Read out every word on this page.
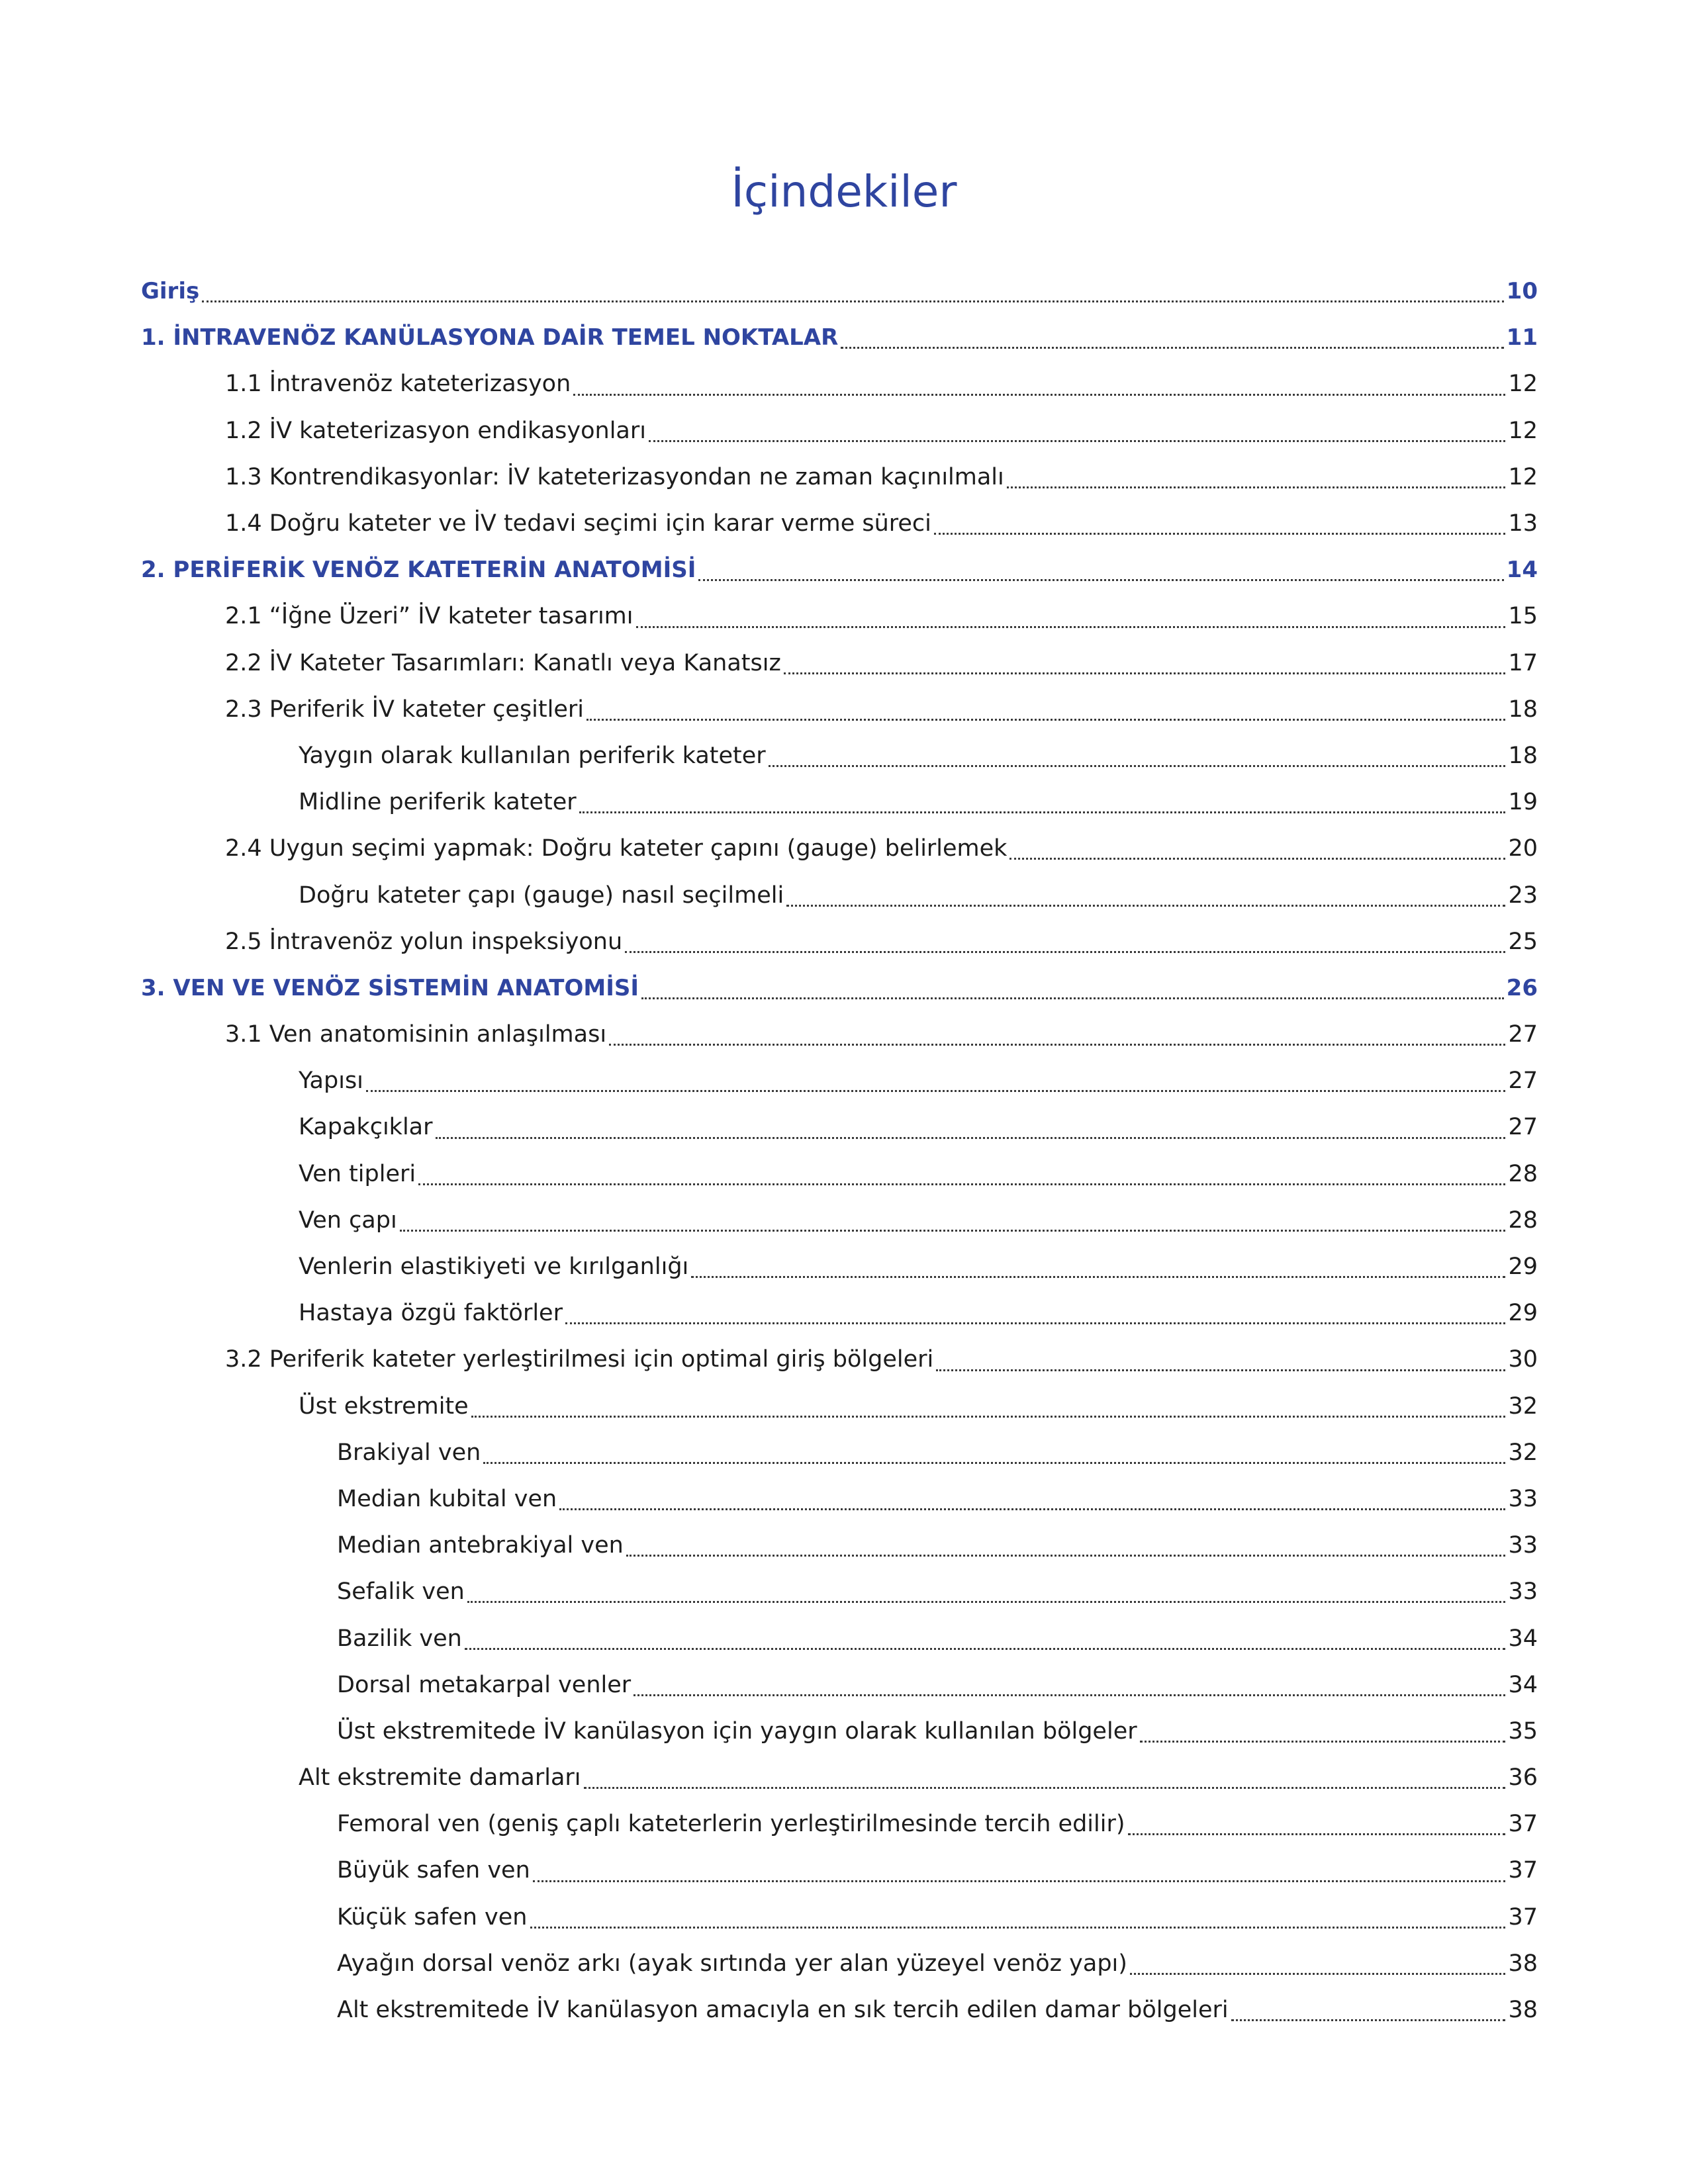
İçindekiler
Giriş	10
1. İNTRAVENÖZ KANÜLASYONA DAİR TEMEL NOKTALAR	11
1.1 İntravenöz kateterizasyon	12
1.2 İV kateterizasyon endikasyonları	12
1.3 Kontrendikasyonlar: İV kateterizasyondan ne zaman kaçınılmalı	12
1.4 Doğru kateter ve İV tedavi seçimi için karar verme süreci	13
2. PERİFERİK VENÖZ KATETERİN ANATOMİSİ	14
2.1 “İğne Üzeri” İV kateter tasarımı	15
2.2 İV Kateter Tasarımları: Kanatlı veya Kanatsız	17
2.3 Periferik İV kateter çeşitleri	18
Yaygın olarak kullanılan periferik kateter	18
Midline periferik kateter	19
2.4 Uygun seçimi yapmak: Doğru kateter çapını (gauge) belirlemek	20
Doğru kateter çapı (gauge) nasıl seçilmeli	23
2.5 İntravenöz yolun inspeksiyonu	25
3. VEN VE VENÖZ SİSTEMİN ANATOMİSİ	26
3.1 Ven anatomisinin anlaşılması	27
Yapısı	27
Kapakçıklar	27
Ven tipleri	28
Ven çapı	28
Venlerin elastikiyeti ve kırılganlığı	29
Hastaya özgü faktörler	29
3.2 Periferik kateter yerleştirilmesi için optimal giriş bölgeleri	30
Üst ekstremite	32
Brakiyal ven	32
Median kubital ven	33
Median antebrakiyal ven	33
Sefalik ven	33
Bazilik ven	34
Dorsal metakarpal venler	34
Üst ekstremitede İV kanülasyon için yaygın olarak kullanılan bölgeler	35
Alt ekstremite damarları	36
Femoral ven (geniş çaplı kateterlerin yerleştirilmesinde tercih edilir)	37
Büyük safen ven	37
Küçük safen ven	37
Ayağın dorsal venöz arkı (ayak sırtında yer alan yüzeyel venöz yapı)	38
Alt ekstremitede İV kanülasyon amacıyla en sık tercih edilen damar bölgeleri	38
